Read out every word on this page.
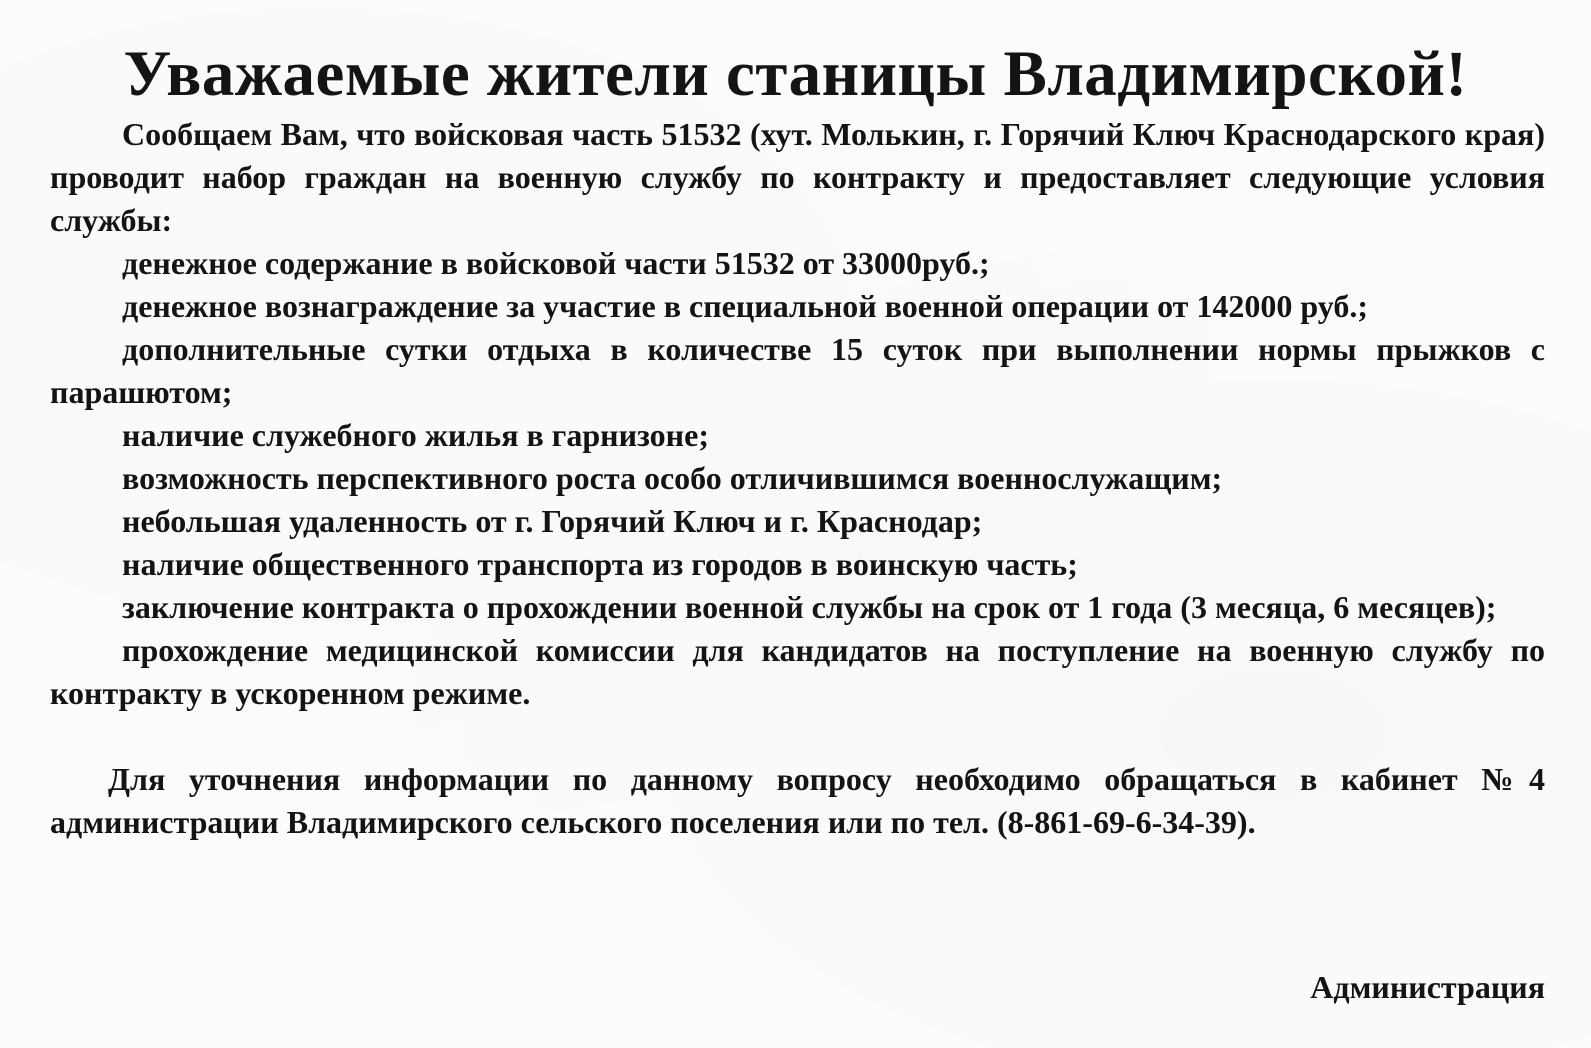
Уважаемые жители станицы Владимирской!

Сообщаем Вам, что войсковая часть 51532 (хут. Молькин, г. Горячий Ключ Краснодарского края) проводит набор граждан на военную службу по контракту и предоставляет следующие условия службы:

денежное содержание в войсковой части 51532 от 33000руб.;

денежное вознаграждение за участие в специальной военной операции от 142000 руб.;

дополнительные сутки отдыха в количестве 15 суток при выполнении нормы прыжков с парашютом;

наличие служебного жилья в гарнизоне;

возможность перспективного роста особо отличившимся военнослужащим;

небольшая удаленность от г. Горячий Ключ и г. Краснодар;

наличие общественного транспорта из городов в воинскую часть;

заключение контракта о прохождении военной службы на срок от 1 года (3 месяца, 6 месяцев);

прохождение медицинской комиссии для кандидатов на поступление на военную службу по контракту в ускоренном режиме.

Для уточнения информации по данному вопросу необходимо обращаться в кабинет №4 администрации Владимирского сельского поселения или по тел. (8-861-69-6-34-39).

Администрация
